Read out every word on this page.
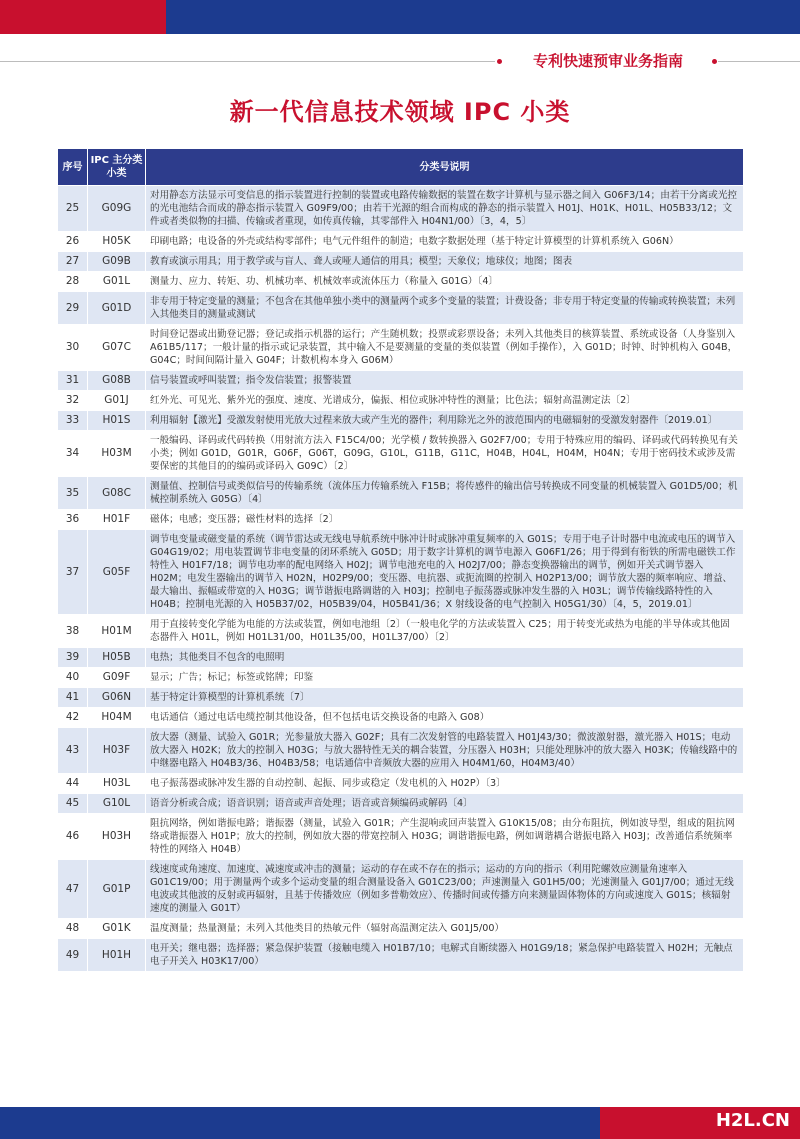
专利快速预审业务指南
新一代信息技术领域 IPC 小类
序号	IPC 主分类小类	分类号说明
25	G09G	对用静态方法显示可变信息的指示装置进行控制的装置或电路传输数据的装置在数字计算机与显示器之间入 G06F3/14；由若干分离或光控的光电池结合而成的静态指示装置入 G09F9/00；由若干光源的组合而构成的静态的指示装置入 H01J、H01K、H01L、H05B33/12；文件或者类似物的扫描、传输或者重现，如传真传输，其零部件入 H04N1/00）〔3，4，5〕
26	H05K	印刷电路；电设备的外壳或结构零部件；电气元件组件的制造；电数字数据处理（基于特定计算模型的计算机系统入 G06N）
27	G09B	教育或演示用具；用于教学或与盲人、聋人或哑人通信的用具；模型；天象仪；地球仪；地图；图表
28	G01L	测量力、应力、转矩、功、机械功率、机械效率或流体压力（称量入 G01G）〔4〕
29	G01D	非专用于特定变量的测量；不包含在其他单独小类中的测量两个或多个变量的装置；计费设备；非专用于特定变量的传输或转换装置；未列入其他类目的测量或测试
30	G07C	时间登记器或出勤登记器；登记或指示机器的运行；产生随机数；投票或彩票设备；未列入其他类目的核算装置、系统或设备（人身鉴别入 A61B5/117；一般计量的指示或记录装置，其中输入不是要测量的变量的类似装置（例如手操作），入 G01D；时钟、时钟机构入 G04B，G04C；时间间隔计量入 G04F；计数机构本身入 G06M）
31	G08B	信号装置或呼叫装置；指令发信装置；报警装置
32	G01J	红外光、可见光、紫外光的强度、速度、光谱成分，偏振、相位或脉冲特性的测量；比色法；辐射高温测定法〔2〕
33	H01S	利用辐射【激光】受激发射使用光放大过程来放大或产生光的器件；利用除光之外的波范围内的电磁辐射的受激发射器件〔2019.01〕
34	H03M	一般编码、译码或代码转换（用射流方法入 F15C4/00；光学模 / 数转换器入 G02F7/00；专用于特殊应用的编码、译码或代码转换见有关小类；例如 G01D，G01R，G06F，G06T，G09G，G10L，G11B，G11C，H04B，H04L，H04M，H04N；专用于密码技术或涉及需要保密的其他目的的编码或译码入 G09C）〔2〕
35	G08C	测量值、控制信号或类似信号的传输系统（流体压力传输系统入 F15B；将传感件的输出信号转换成不同变量的机械装置入 G01D5/00；机械控制系统入 G05G）〔4〕
36	H01F	磁体；电感；变压器；磁性材料的选择〔2〕
37	G05F	调节电变量或磁变量的系统（调节雷达或无线电导航系统中脉冲计时或脉冲重复频率的入 G01S；专用于电子计时器中电流或电压的调节入 G04G19/02；用电装置调节非电变量的闭环系统入 G05D；用于数字计算机的调节电源入 G06F1/26；用于得到有衔铁的所需电磁铁工作特性入 H01F7/18；调节电功率的配电网络入 H02J；调节电池充电的入 H02J7/00；静态变换器输出的调节，例如开关式调节器入 H02M；电发生器输出的调节入 H02N，H02P9/00；变压器、电抗器、或扼流圈的控制入 H02P13/00；调节放大器的频率响应、增益、最大输出、振幅或带宽的入 H03G；调节谐振电路调谐的入 H03J；控制电子振荡器或脉冲发生器的入 H03L；调节传输线路特性的入 H04B；控制电光源的入 H05B37/02，H05B39/04，H05B41/36；X 射线设备的电气控制入 H05G1/30）〔4，5，2019.01〕
38	H01M	用于直接转变化学能为电能的方法或装置，例如电池组〔2〕（一般电化学的方法或装置入 C25；用于转变光或热为电能的半导体或其他固态器件入 H01L，例如 H01L31/00，H01L35/00，H01L37/00）〔2〕
39	H05B	电热；其他类目不包含的电照明
40	G09F	显示；广告；标记；标签或铭牌；印鉴
41	G06N	基于特定计算模型的计算机系统〔7〕
42	H04M	电话通信（通过电话电缆控制其他设备，但不包括电话交换设备的电路入 G08）
43	H03F	放大器（测量、试验入 G01R；光参量放大器入 G02F；具有二次发射管的电路装置入 H01J43/30；微波激射器，激光器入 H01S；电动放大器入 H02K；放大的控制入 H03G；与放大器特性无关的耦合装置，分压器入 H03H；只能处理脉冲的放大器入 H03K；传输线路中的中继器电路入 H04B3/36、H04B3/58；电话通信中音频放大器的应用入 H04M1/60，H04M3/40）
44	H03L	电子振荡器或脉冲发生器的自动控制、起振、同步或稳定（发电机的入 H02P）〔3〕
45	G10L	语音分析或合成；语音识别；语音或声音处理；语音或音频编码或解码〔4〕
46	H03H	阻抗网络，例如谐振电路；谐振器（测量，试验入 G01R；产生混响或回声装置入 G10K15/08；由分布阻抗，例如波导型，组成的阻抗网络或谐振器入 H01P；放大的控制，例如放大器的带宽控制入 H03G；调谐谐振电路，例如调谐耦合谐振电路入 H03J；改善通信系统频率特性的网络入 H04B）
47	G01P	线速度或角速度、加速度、减速度或冲击的测量；运动的存在或不存在的指示；运动的方向的指示（利用陀螺效应测量角速率入 G01C19/00；用于测量两个或多个运动变量的组合测量设备入 G01C23/00；声速测量入 G01H5/00；光速测量入 G01J7/00；通过无线电波或其他波的反射或再辐射，且基于传播效应（例如多普勒效应）、传播时间或传播方向来测量固体物体的方向或速度入 G01S；核辐射速度的测量入 G01T）
48	G01K	温度测量；热量测量；未列入其他类目的热敏元件（辐射高温测定法入 G01J5/00）
49	H01H	电开关；继电器；选择器；紧急保护装置（接触电缆入 H01B7/10；电解式自断续器入 H01G9/18；紧急保护电路装置入 H02H；无触点电子开关入 H03K17/00）
H2L.CN
